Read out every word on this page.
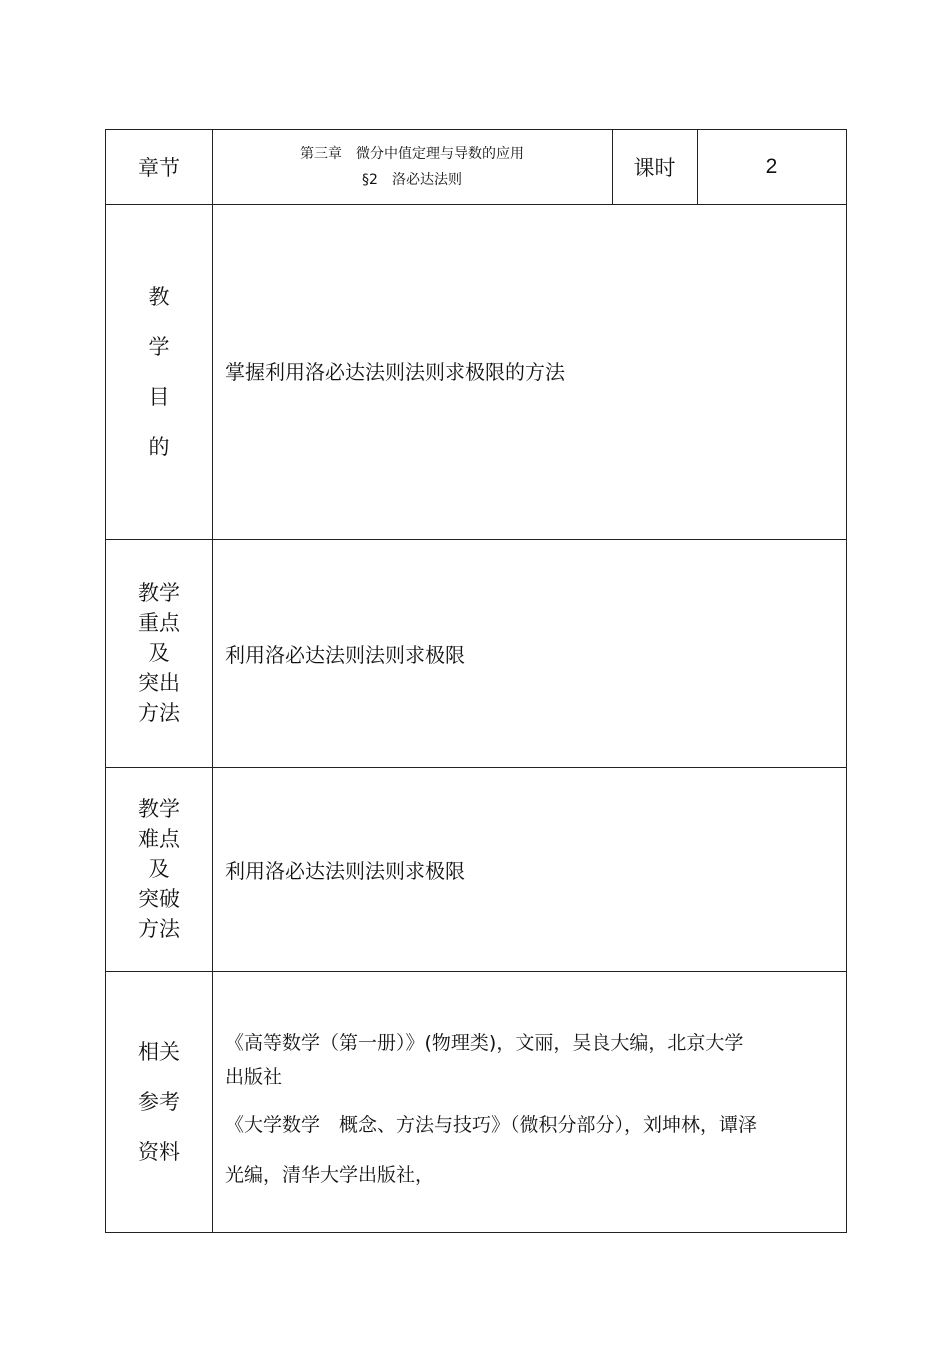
章节
第三章　微分中值定理与导数的应用
§2　洛必达法则	课时	2
教
学
目
的
掌握利用洛必达法则法则求极限的方法
教学
重点
及
突出
方法
利用洛必达法则法则求极限
教学
难点
及
突破
方法
利用洛必达法则法则求极限
相关
参考
资料
《高等数学（第一册）》(物理类)，文丽，吴良大编，北京大学
出版社
《大学数学　概念、方法与技巧》（微积分部分），刘坤林，谭泽
光编，清华大学出版社，
